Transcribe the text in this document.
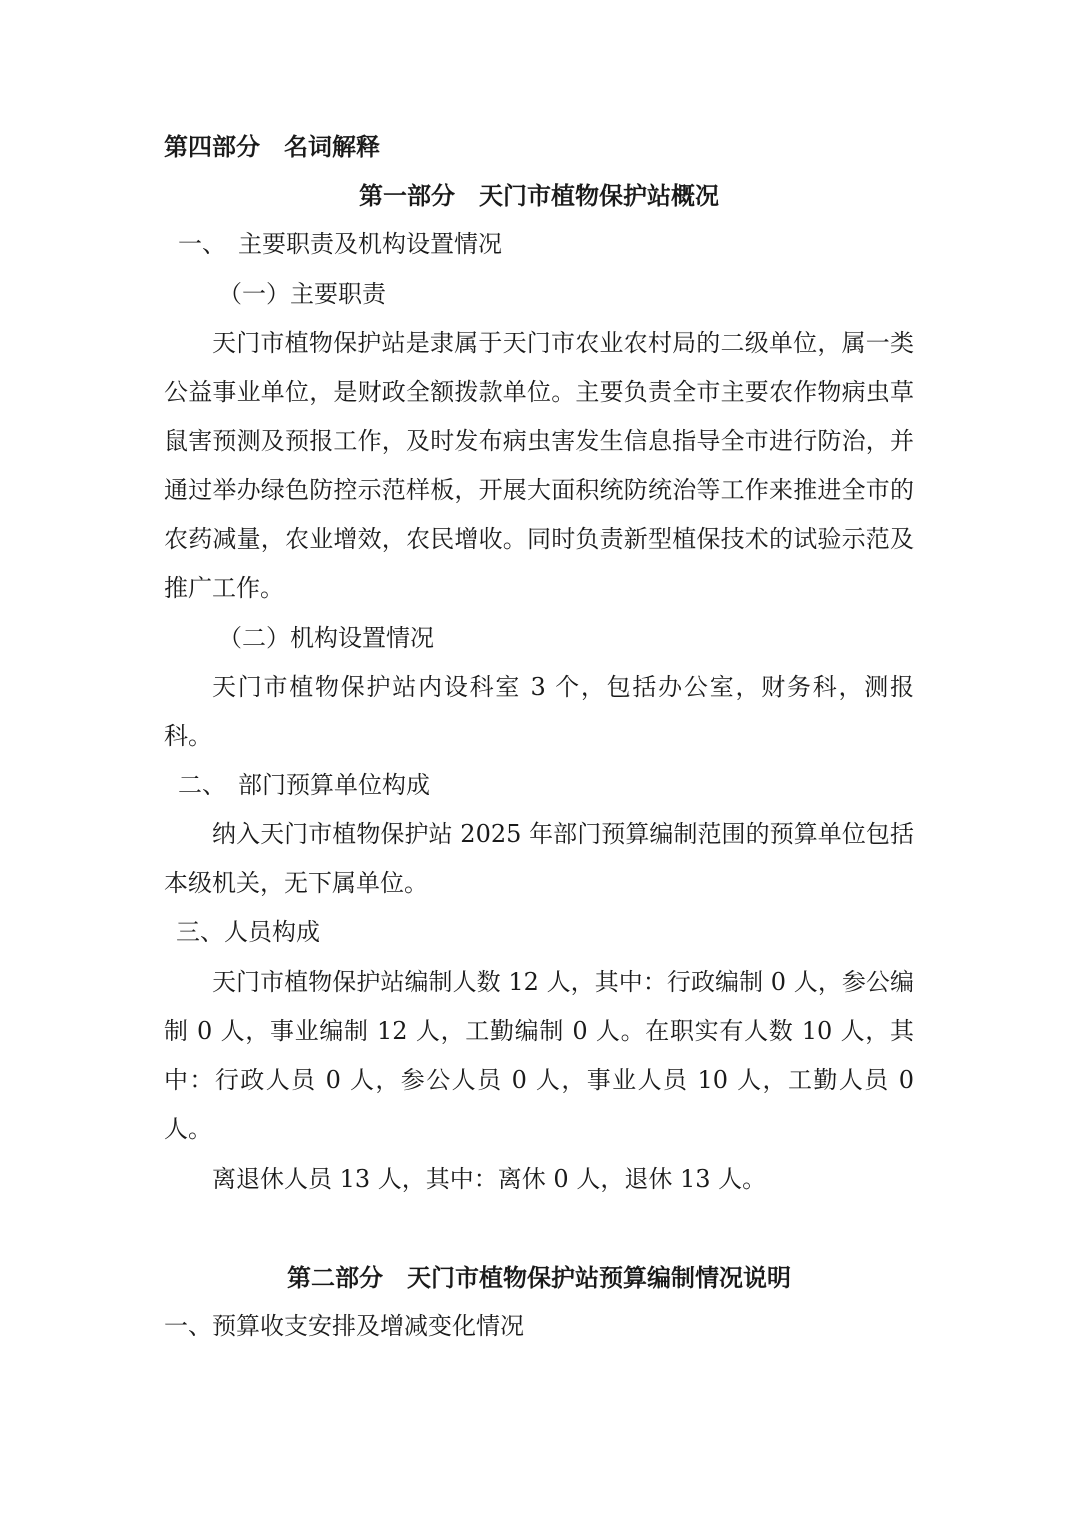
第四部分　名词解释

第一部分　天门市植物保护站概况

一、　主要职责及机构设置情况

（一）主要职责

天门市植物保护站是隶属于天门市农业农村局的二级单位，属一类公益事业单位，是财政全额拨款单位。主要负责全市主要农作物病虫草鼠害预测及预报工作，及时发布病虫害发生信息指导全市进行防治，并通过举办绿色防控示范样板，开展大面积统防统治等工作来推进全市的农药减量，农业增效，农民增收。同时负责新型植保技术的试验示范及推广工作。

（二）机构设置情况

天门市植物保护站内设科室 3 个，包括办公室，财务科，测报科。

二、　部门预算单位构成

纳入天门市植物保护站 2025 年部门预算编制范围的预算单位包括本级机关，无下属单位。

三、人员构成

天门市植物保护站编制人数 12 人，其中：行政编制 0 人，参公编制 0 人，事业编制 12 人，工勤编制 0 人。在职实有人数 10 人，其中：行政人员 0 人，参公人员 0 人，事业人员 10 人，工勤人员 0 人。

离退休人员 13 人，其中：离休 0 人，退休 13 人。

第二部分　天门市植物保护站预算编制情况说明

一、预算收支安排及增减变化情况
